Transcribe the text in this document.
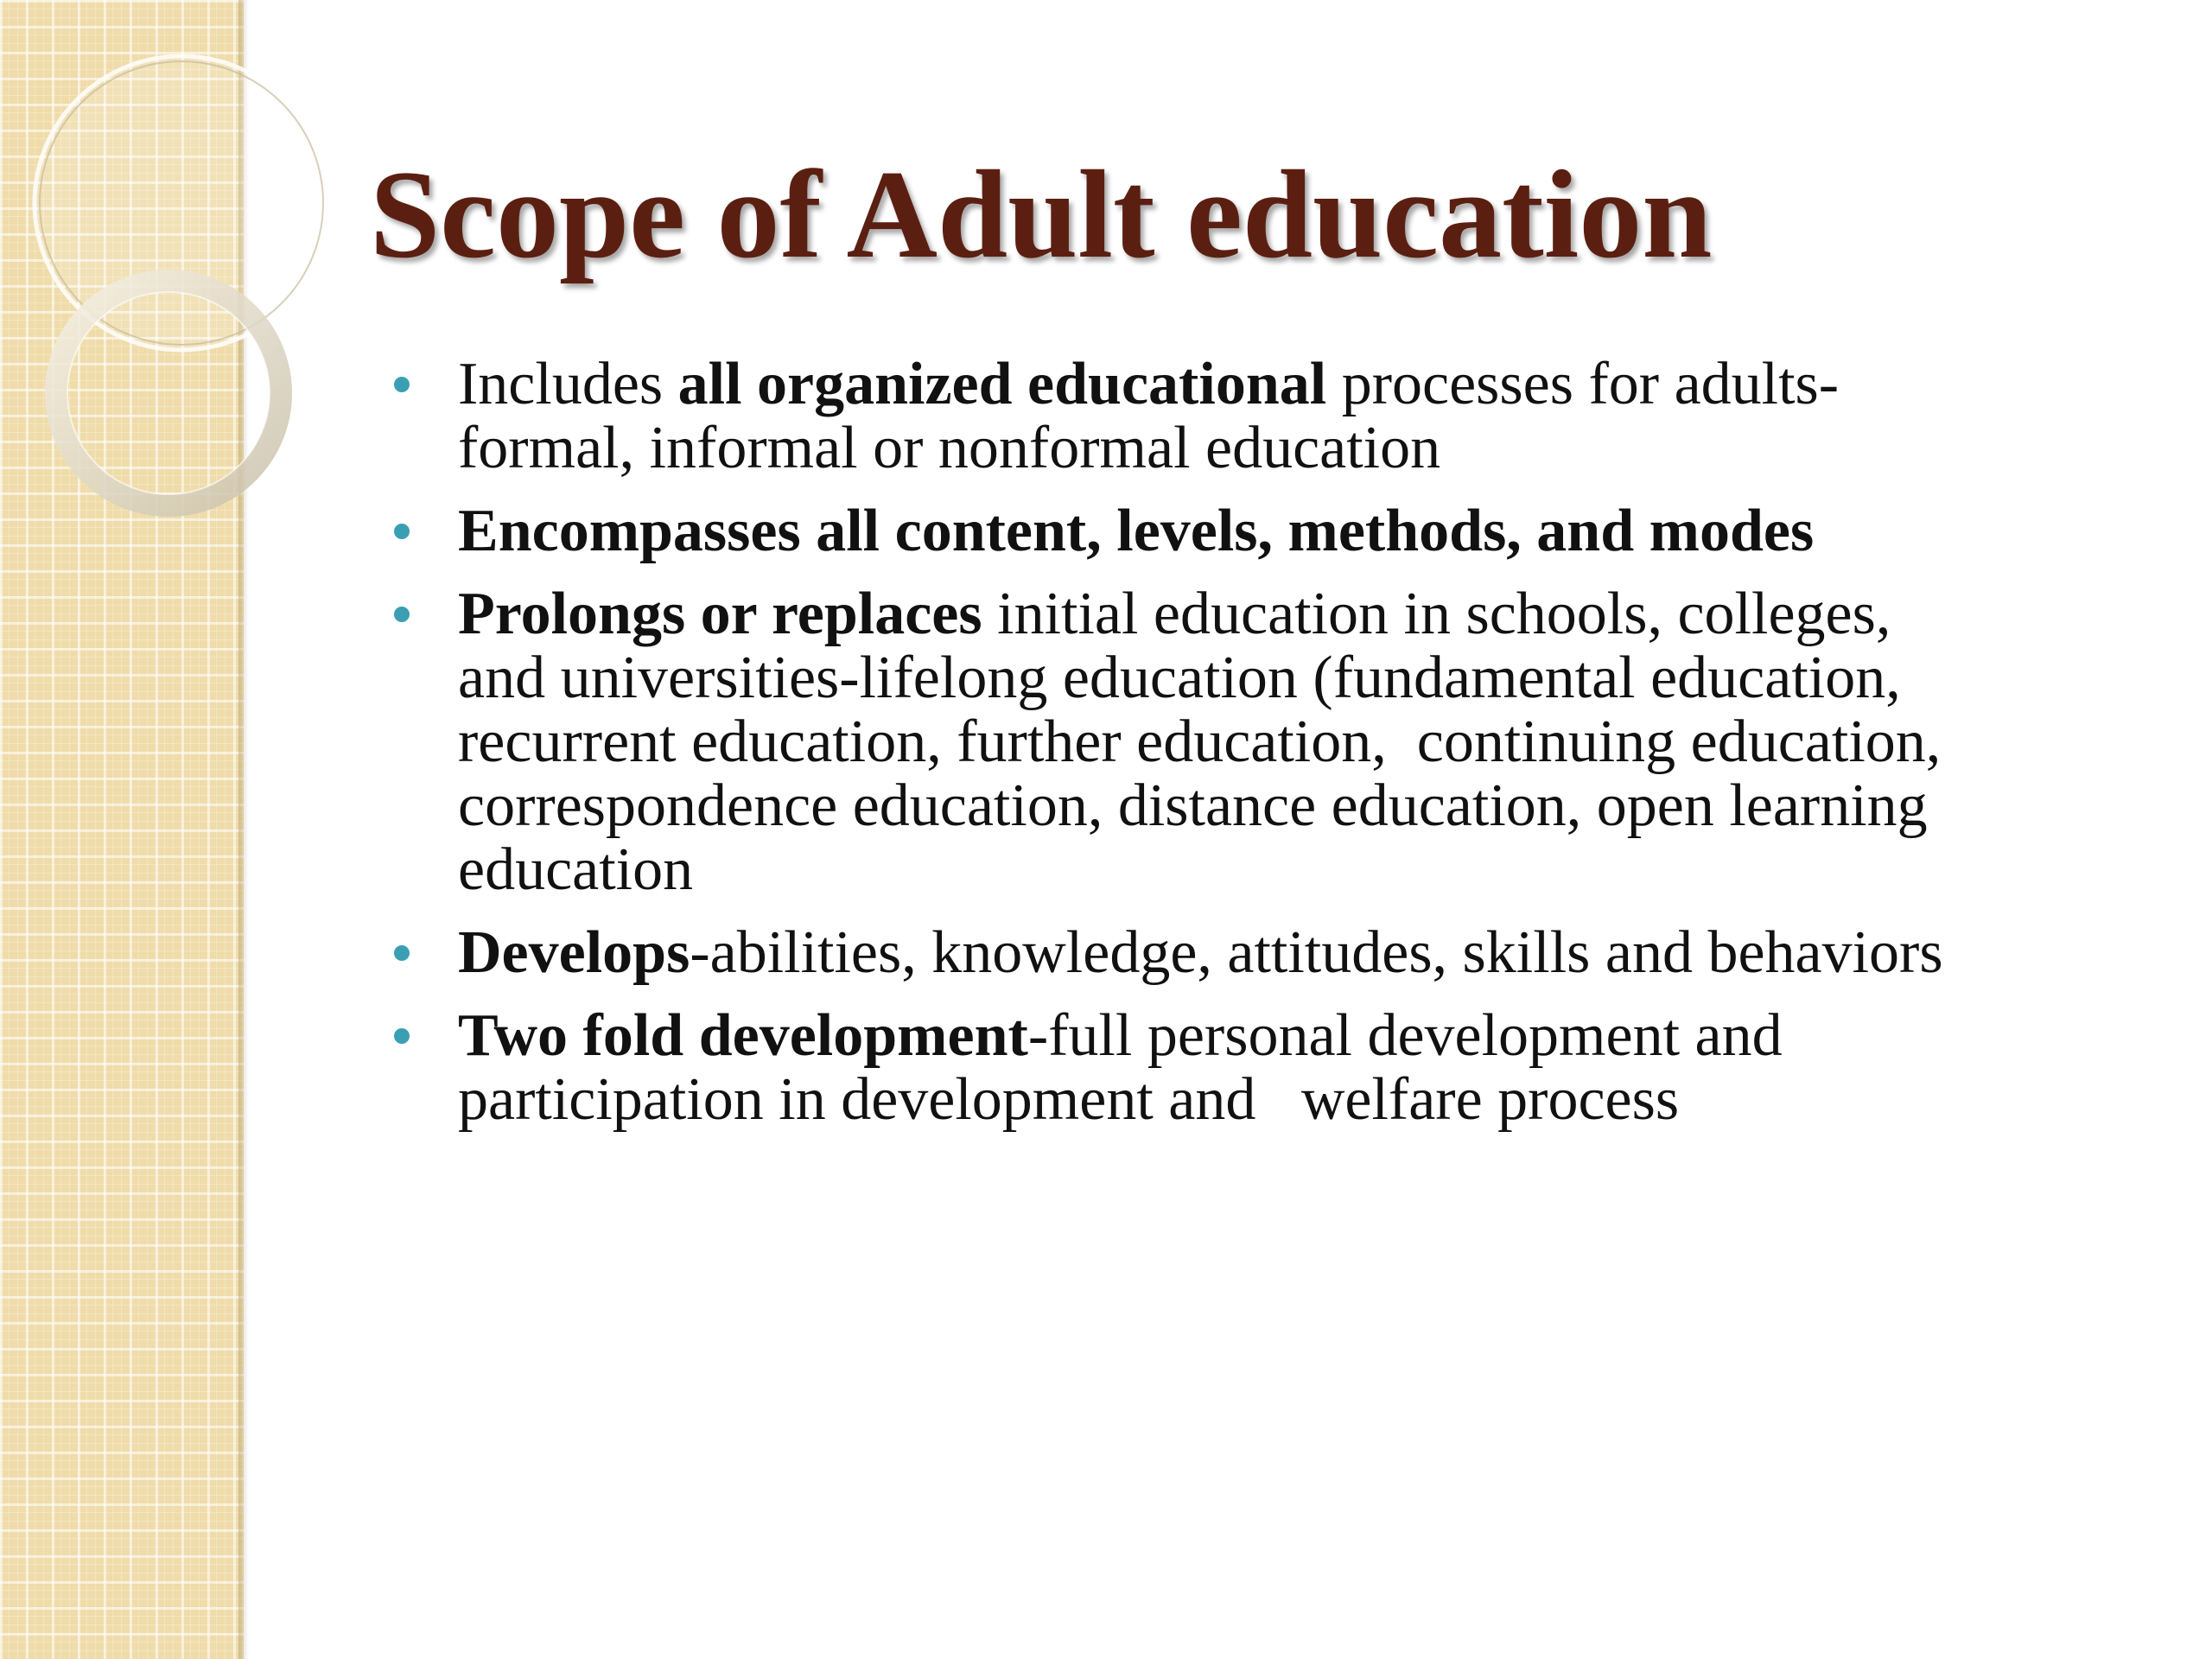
Scope of Adult education
Includes all organized educational processes for adults-
formal, informal or nonformal education
Encompasses all content, levels, methods, and modes
Prolongs or replaces initial education in schools, colleges,
and universities-lifelong education (fundamental education,
recurrent education, further education,  continuing education,
correspondence education, distance education, open learning
education
Develops-abilities, knowledge, attitudes, skills and behaviors
Two fold development-full personal development and
participation in development and   welfare process
